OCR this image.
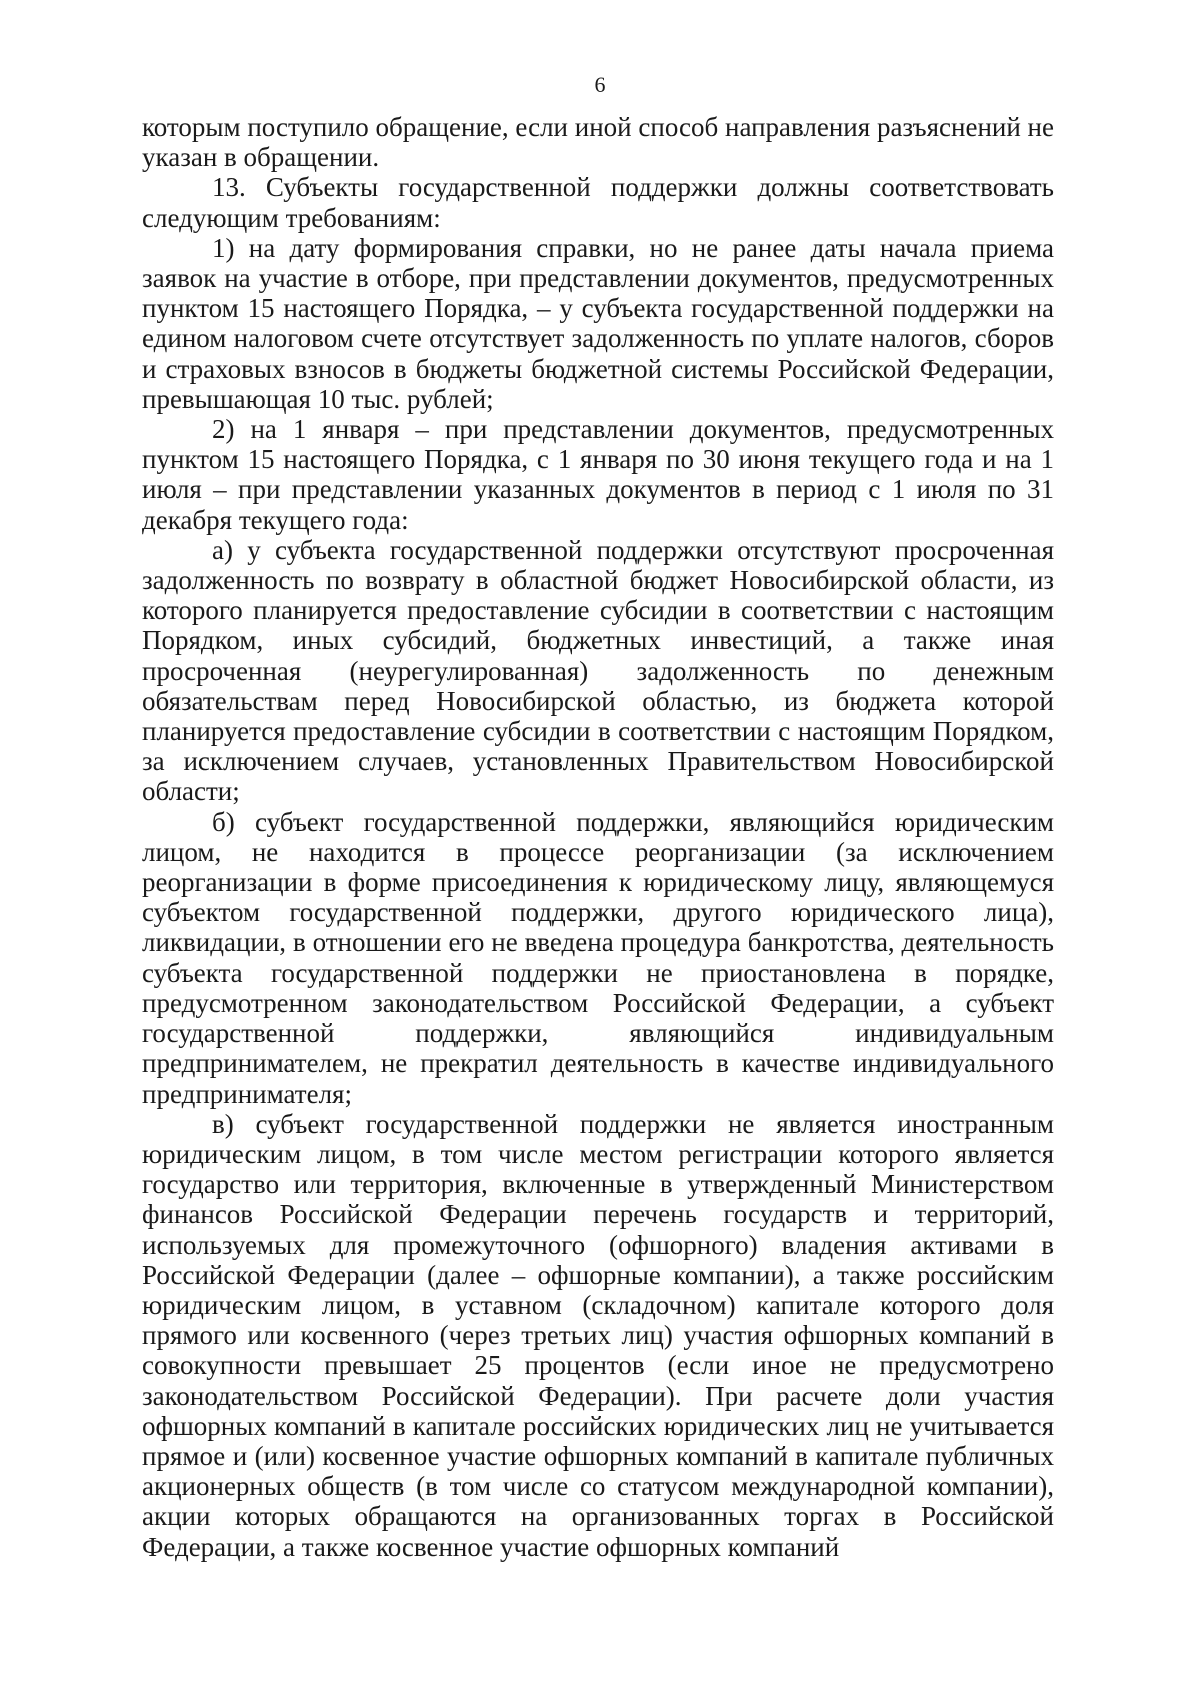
6

которым поступило обращение, если иной способ направления разъяснений не указан в обращении.

13. Субъекты государственной поддержки должны соответствовать следующим требованиям:

1) на дату формирования справки, но не ранее даты начала приема заявок на участие в отборе, при представлении документов, предусмотренных пунктом 15 настоящего Порядка, – у субъекта государственной поддержки на едином налоговом счете отсутствует задолженность по уплате налогов, сборов и страховых взносов в бюджеты бюджетной системы Российской Федерации, превышающая 10 тыс. рублей;

2) на 1 января – при представлении документов, предусмотренных пунктом 15 настоящего Порядка, с 1 января по 30 июня текущего года и на 1 июля – при представлении указанных документов в период с 1 июля по 31 декабря текущего года:

а) у субъекта государственной поддержки отсутствуют просроченная задолженность по возврату в областной бюджет Новосибирской области, из которого планируется предоставление субсидии в соответствии с настоящим Порядком, иных субсидий, бюджетных инвестиций, а также иная просроченная (неурегулированная) задолженность по денежным обязательствам перед Новосибирской областью, из бюджета которой планируется предоставление субсидии в соответствии с настоящим Порядком, за исключением случаев, установленных Правительством Новосибирской области;

б) субъект государственной поддержки, являющийся юридическим лицом, не находится в процессе реорганизации (за исключением реорганизации в форме присоединения к юридическому лицу, являющемуся субъектом государственной поддержки, другого юридического лица), ликвидации, в отношении его не введена процедура банкротства, деятельность субъекта государственной поддержки не приостановлена в порядке, предусмотренном законодательством Российской Федерации, а субъект государственной поддержки, являющийся индивидуальным предпринимателем, не прекратил деятельность в качестве индивидуального предпринимателя;

в) субъект государственной поддержки не является иностранным юридическим лицом, в том числе местом регистрации которого является государство или территория, включенные в утвержденный Министерством финансов Российской Федерации перечень государств и территорий, используемых для промежуточного (офшорного) владения активами в Российской Федерации (далее – офшорные компании), а также российским юридическим лицом, в уставном (складочном) капитале которого доля прямого или косвенного (через третьих лиц) участия офшорных компаний в совокупности превышает 25 процентов (если иное не предусмотрено законодательством Российской Федерации). При расчете доли участия офшорных компаний в капитале российских юридических лиц не учитывается прямое и (или) косвенное участие офшорных компаний в капитале публичных акционерных обществ (в том числе со статусом международной компании), акции которых обращаются на организованных торгах в Российской Федерации, а также косвенное участие офшорных компаний
